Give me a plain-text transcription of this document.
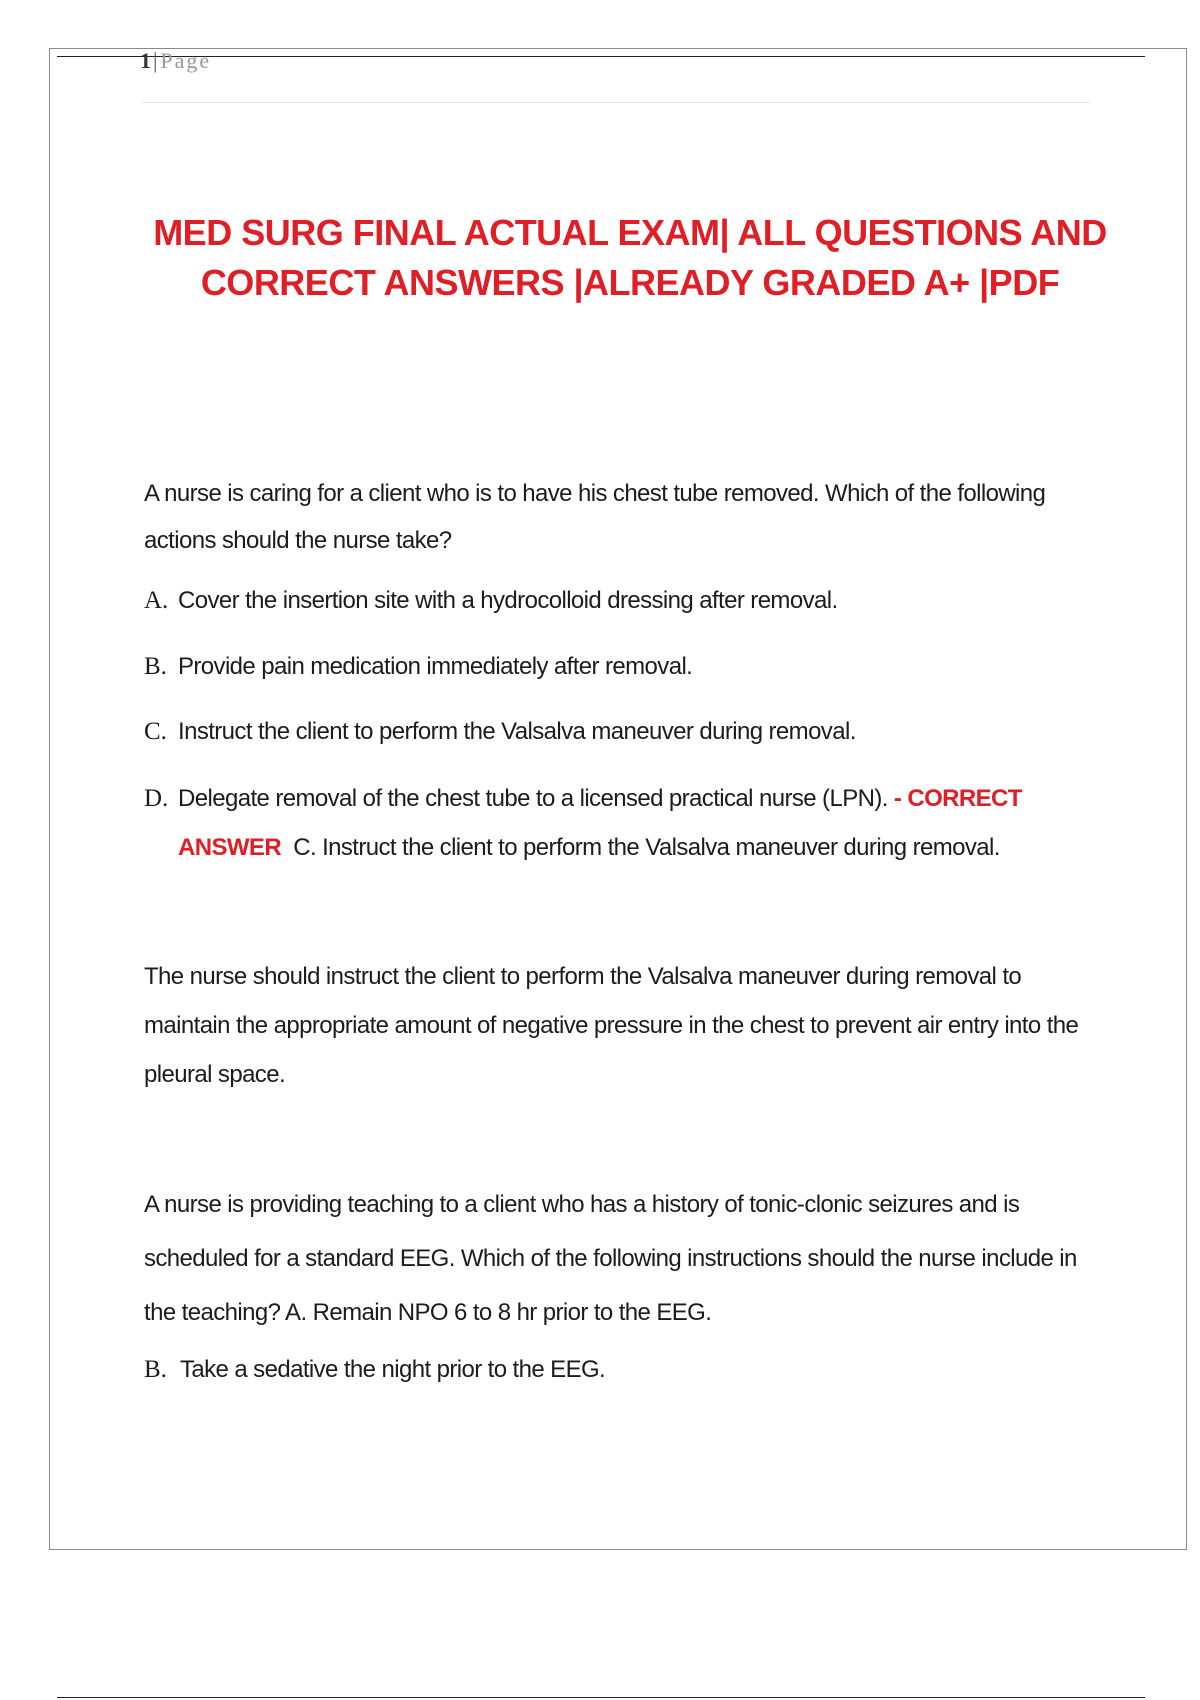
1| Page
MED SURG FINAL ACTUAL EXAM| ALL QUESTIONS AND
CORRECT ANSWERS |ALREADY GRADED A+ |PDF

A nurse is caring for a client who is to have his chest tube removed. Which of the following actions should the nurse take?

A. Cover the insertion site with a hydrocolloid dressing after removal.

B. Provide pain medication immediately after removal.

C. Instruct the client to perform the Valsalva maneuver during removal.

D. Delegate removal of the chest tube to a licensed practical nurse (LPN). - CORRECT

ANSWER C. Instruct the client to perform the Valsalva maneuver during removal.

The nurse should instruct the client to perform the Valsalva maneuver during removal to maintain the appropriate amount of negative pressure in the chest to prevent air entry into the pleural space.

A nurse is providing teaching to a client who has a history of tonic-clonic seizures and is scheduled for a standard EEG. Which of the following instructions should the nurse include in the teaching? A. Remain NPO 6 to 8 hr prior to the EEG.

B. Take a sedative the night prior to the EEG.
